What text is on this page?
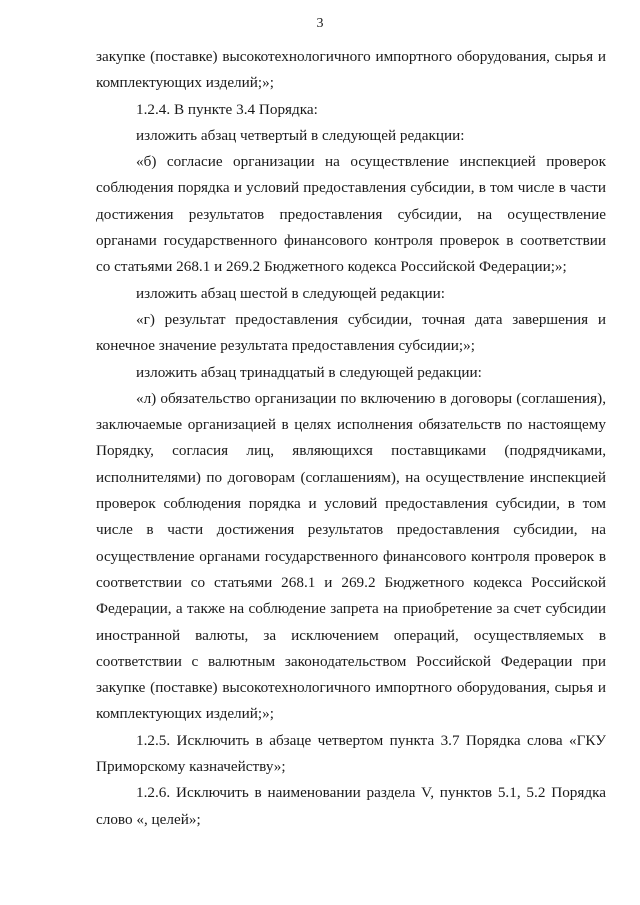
3

закупке (поставке) высокотехнологичного импортного оборудования, сырья и комплектующих изделий;»;

1.2.4. В пункте 3.4 Порядка:

изложить абзац четвертый в следующей редакции:

«б) согласие организации на осуществление инспекцией проверок соблюдения порядка и условий предоставления субсидии, в том числе в части достижения результатов предоставления субсидии, на осуществление органами государственного финансового контроля проверок в соответствии со статьями 268.1 и 269.2 Бюджетного кодекса Российской Федерации;»;

изложить абзац шестой в следующей редакции:

«г) результат предоставления субсидии, точная дата завершения и конечное значение результата предоставления субсидии;»;

изложить абзац тринадцатый в следующей редакции:

«л) обязательство организации по включению в договоры (соглашения), заключаемые организацией в целях исполнения обязательств по настоящему Порядку, согласия лиц, являющихся поставщиками (подрядчиками, исполнителями) по договорам (соглашениям), на осуществление инспекцией проверок соблюдения порядка и условий предоставления субсидии, в том числе в части достижения результатов предоставления субсидии, на осуществление органами государственного финансового контроля проверок в соответствии со статьями 268.1 и 269.2 Бюджетного кодекса Российской Федерации, а также на соблюдение запрета на приобретение за счет субсидии иностранной валюты, за исключением операций, осуществляемых в соответствии с валютным законодательством Российской Федерации при закупке (поставке) высокотехнологичного импортного оборудования, сырья и комплектующих изделий;»;

1.2.5. Исключить в абзаце четвертом пункта 3.7 Порядка слова «ГКУ Приморскому казначейству»;

1.2.6. Исключить в наименовании раздела V, пунктов 5.1, 5.2 Порядка слово «, целей»;
